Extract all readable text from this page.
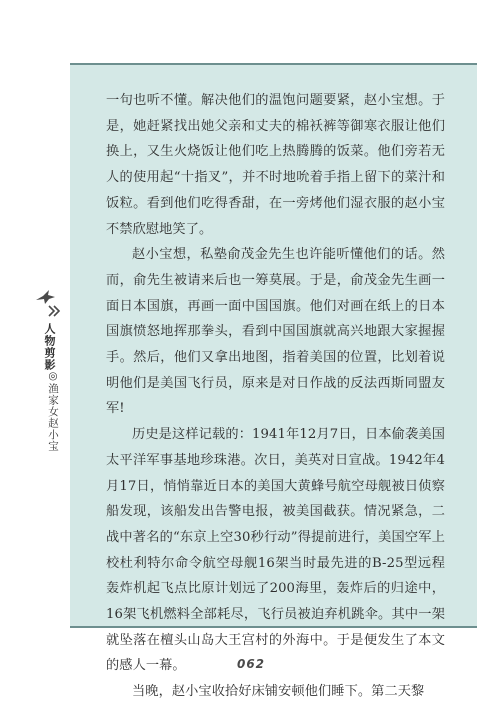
人物剪影
◎渔家女赵小宝

一句也听不懂。解决他们的温饱问题要紧，赵小宝想。于是，她赶紧找出她父亲和丈夫的棉袄裤等御寒衣服让他们换上，又生火烧饭让他们吃上热腾腾的饭菜。他们旁若无人的使用起“十指叉”，并不时地吮着手指上留下的菜汁和饭粒。看到他们吃得香甜，在一旁烤他们湿衣服的赵小宝不禁欣慰地笑了。

赵小宝想，私塾俞茂金先生也许能听懂他们的话。然而，俞先生被请来后也一筹莫展。于是，俞茂金先生画一面日本国旗，再画一面中国国旗。他们对画在纸上的日本国旗愤怒地挥那拳头，看到中国国旗就高兴地跟大家握握手。然后，他们又拿出地图，指着美国的位置，比划着说明他们是美国飞行员，原来是对日作战的反法西斯同盟友军!

历史是这样记载的：1941年12月7日，日本偷袭美国太平洋军事基地珍珠港。次日，美英对日宣战。1942年4月17日，悄悄靠近日本的美国大黄蜂号航空母舰被日侦察船发现，该船发出告警电报，被美国截获。情况紧急，二战中著名的“东京上空30秒行动”得提前进行，美国空军上校杜利特尔命令航空母舰16架当时最先进的B-25型远程轰炸机起飞点比原计划远了200海里，轰炸后的归途中，16架飞机燃料全部耗尽，飞行员被迫弃机跳伞。其中一架就坠落在檀头山岛大王宫村的外海中。于是便发生了本文的感人一幕。

当晚，赵小宝收拾好床铺安顿他们睡下。第二天黎

062
